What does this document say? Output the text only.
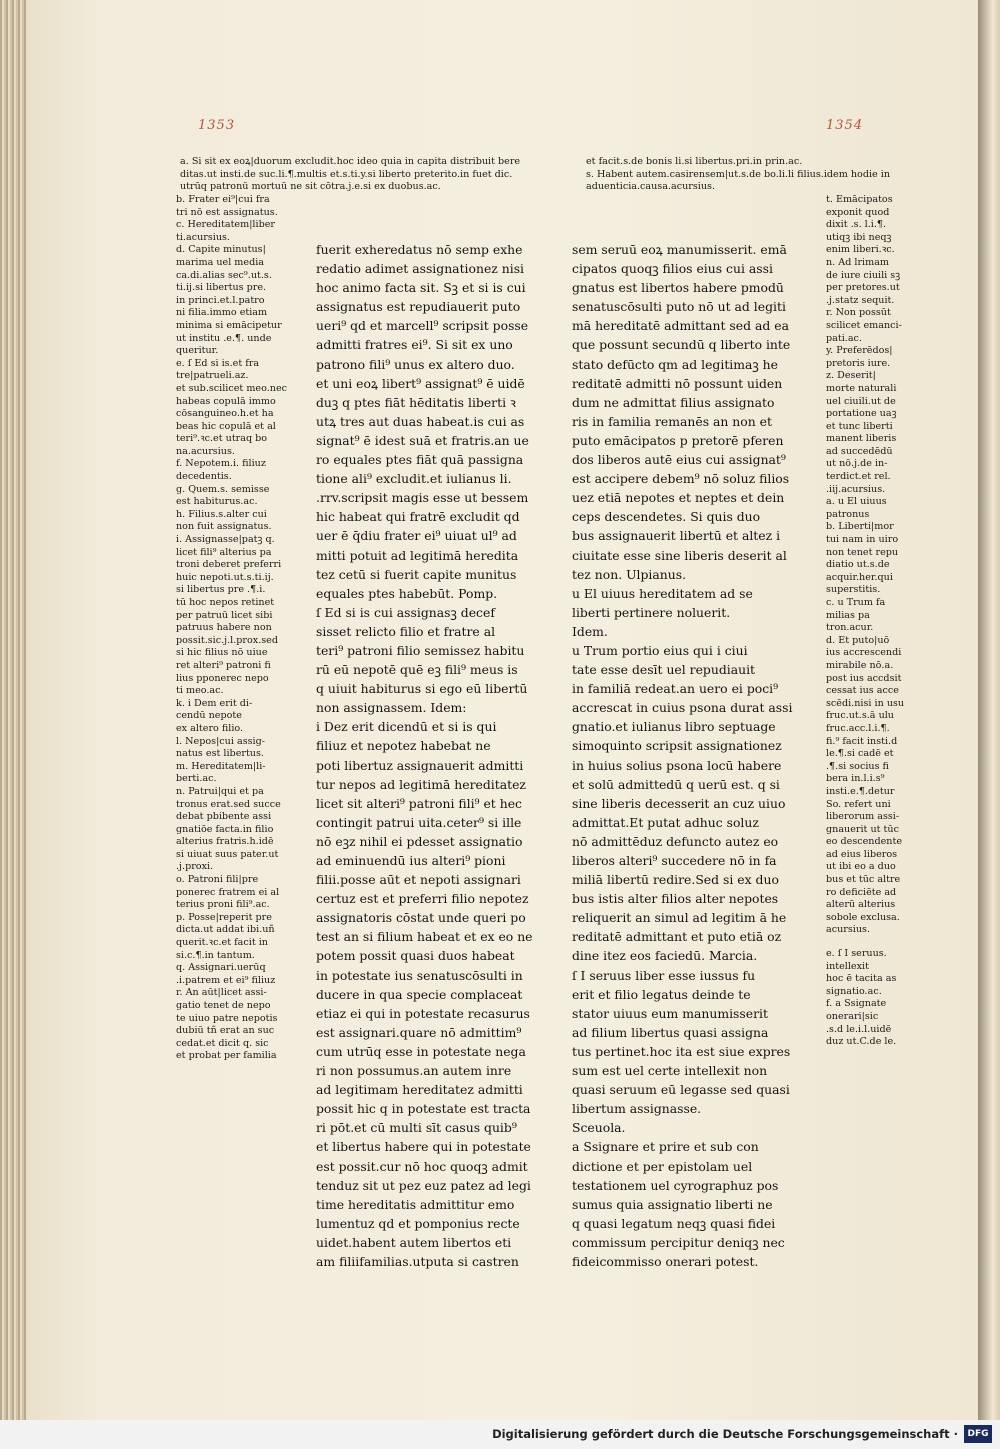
1353	1354
a. Si sit ex eoꝝ|duorum excludit.hoc ideo quia in capita distribuit bere
ditas.ut insti.de suc.li.¶.multis et.s.ti.y.si liberto preterito.in fuet dic.
utrūq patronū mortuū ne sit cōtra.j.e.si ex duobus.ac.
et facit.s.de bonis li.si libertus.pri.in prin.ac.
s. Habent autem.casirensem|ut.s.de bo.li.li filius.idem hodie in
aduenticia.causa.acursius.
b. Frater ei⁹|cui fra
tri nō est assignatus.
c. Hereditatem|liber
ti.acursius.
d. Capite minutus|
marima uel media
ca.di.alias sec⁹.ut.s.
ti.ij.si libertus pre.
in princi.et.l.patro
ni filia.immo etiam
minima si emācipetur
ut institu .e.¶. unde
queritur.
e. ſ Ed si is.et fra
tre|patrueli.az.
et sub.scilicet meo.nec
habeas copulā immo
cōsanguineo.h.et ha
beas hic copulā et al
teri⁹.ꝛc.et utraq bo
na.acursius.
f. Nepotem.i. filiuz
decedentis.
g. Quem.s. semisse
est habiturus.ac.
h. Filius.s.alter cui
non fuit assignatus.
i. Assignasse|patꝫ q.
licet fili⁹ alterius pa
troni deberet preferri
huic nepoti.ut.s.ti.ij.
si libertus pre .¶.i.
tū hoc nepos retinet
per patruū licet sibi
patruus habere non
possit.sic.j.l.prox.sed
si hic filius nō uiue
ret alteri⁹ patroni fi
lius pponerec nepo
ti meo.ac.
k. i Dem erit di-
cendū nepote
ex altero filio.
l. Nepos|cui assig-
natus est libertus.
m. Hereditatem|li-
berti.ac.
n. Patrui|qui et pa
tronus erat.sed succe
debat pbibente assi
gnatiōe facta.in filio
alterius fratris.h.idē
si uiuat suus pater.ut
.j.proxi.
o. Patroni fili|pre
ponerec fratrem ei al
terius proni fili⁹.ac.
p. Posse|reperit pre
dicta.ut addat ibi.uñ
querit.ꝛc.et facit in
si.c.¶.in tantum.
q. Assignari.uerūq
.i.patrem et ei⁹ filiuz
r. An aūt|licet assi-
gatio tenet de nepo
te uiuo patre nepotis
dubiū tñ erat an suc
cedat.et dicit q. sic
et probat per familia
fuerit exheredatus nō semp exhe
redatio adimet assignationez nisi
hoc animo facta sit. Sꝫ et si is cui
assignatus est repudiauerit puto
ueri⁹ qd et marcell⁹ scripsit posse
admitti fratres ei⁹. Si sit ex uno
patrono fili⁹ unus ex altero duo.
et uni eoꝝ libert⁹ assignat⁹ ē uidē
duꝫ q ptes fiāt hēditatis liberti ꝛ
utꝝ tres aut duas habeat.is cui as
signat⁹ ē idest suā et fratris.an ue
ro equales ptes fiāt quā passigna
tione ali⁹ excludit.et iulianus li.
.rrv.scripsit magis esse ut bessem
hic habeat qui fratrē excludit qd
uer ē q̄diu frater ei⁹ uiuat ul⁹ ad
mitti potuit ad legitimā heredita
tez cetū si fuerit capite munitus
equales ptes habebūt. Pomp.
ſ Ed si is cui assignasꝫ decef
sisset relicto filio et fratre al
teri⁹ patroni filio semissez habitu
rū eū nepotē quē eꝫ fili⁹ meus is
q uiuit habiturus si ego eū libertū
non assignassem. Idem:
i Dez erit dicendū et si is qui
filiuz et nepotez habebat ne
poti libertuz assignauerit admitti
tur nepos ad legitimā hereditatez
licet sit alteri⁹ patroni fili⁹ et hec
contingit patrui uita.ceter⁹ si ille
nō eꝫz nihil ei pdesset assignatio
ad eminuendū ius alteri⁹ pioni
filii.posse aūt et nepoti assignari
certuz est et preferri filio nepotez
assignatoris cōstat unde queri po
test an si filium habeat et ex eo ne
potem possit quasi duos habeat
in potestate ius senatuscōsulti in
ducere in qua specie complaceat
etiaz ei qui in potestate recasurus
est assignari.quare nō admittim⁹
cum utrūq esse in potestate nega
ri non possumus.an autem inre
ad legitimam hereditatez admitti
possit hic q in potestate est tracta
ri pōt.et cū multi sīt casus quib⁹
et libertus habere qui in potestate
est possit.cur nō hoc quoqꝫ admit
tenduz sit ut pez euz patez ad legi
time hereditatis admittitur emo
lumentuz qd et pomponius recte
uidet.habent autem libertos eti
am filiifamilias.utputa si castren
sem seruū eoꝝ manumisserit. emā
cipatos quoqꝫ filios eius cui assi
gnatus est libertos habere pmodū
senatuscōsulti puto nō ut ad legiti
mā hereditatē admittant sed ad ea
que possunt secundū q liberto inte
stato defūcto qm ad legitimaꝫ he
reditatē admitti nō possunt uiden
dum ne admittat filius assignato
ris in familia remanēs an non et
puto emācipatos p pretorē pferen
dos liberos autē eius cui assignat⁹
est accipere debem⁹ nō soluz filios
uez etiā nepotes et neptes et dein
ceps descendetes. Si quis duo
bus assignauerit libertū et altez i
ciuitate esse sine liberis deserit al
tez non. Ulpianus.
u El uiuus hereditatem ad se
liberti pertinere noluerit.
Idem.
u Trum portio eius qui i ciui
tate esse desīt uel repudiauit
in familiā redeat.an uero ei poci⁹
accrescat in cuius psona durat assi
gnatio.et iulianus libro septuage
simoquinto scripsit assignationez
in huius solius psona locū habere
et solū admittedū q uerū est. q si
sine liberis decesserit an cuz uiuo
admittat.Et putat adhuc soluz
nō admittēduz defuncto autez eo
liberos alteri⁹ succedere nō in fa
miliā libertū redire.Sed si ex duo
bus istis alter filios alter nepotes
reliquerit an simul ad legitim ā he
reditatē admittant et puto etiā oz
dine itez eos faciedū. Marcia.
ſ I seruus liber esse iussus fu
erit et filio legatus deinde te
stator uiuus eum manumisserit
ad filium libertus quasi assigna
tus pertinet.hoc ita est siue expres
sum est uel certe intellexit non
quasi seruum eū legasse sed quasi
libertum assignasse.
Sceuola.
a Ssignare et prire et sub con
dictione et per epistolam uel
testationem uel cyrographuz pos
sumus quia assignatio liberti ne
q quasi legatum neqꝫ quasi fidei
commissum percipitur deniqꝫ nec
fideicommisso onerari potest.
t. Emācipatos
exponit quod
dixit .s. l.i.¶.
utiqꝫ ibi neqꝫ
enim liberi.ꝛc.
n. Ad lrimam
de iure ciuili sꝫ
per pretores.ut
.j.statz sequit.
r. Non possūt
scilicet emanci-
pati.ac.
y. Preferēdos|
pretoris iure.
z. Deserit|
morte naturali
uel ciuili.ut de
portatione uaꝫ
et tunc liberti
manent liberis
ad succedēdū
ut nō.j.de in-
terdict.et rel.
.iij.acursius.
a. u El uiuus
patronus
b. Liberti|mor
tui nam in uiro
non tenet repu
diatio ut.s.de
acquir.her.qui
superstitis.
c. u Trum fa
milias pa
tron.acur.
d. Et puto|uō
ius accrescendi
mirabile nō.a.
post ius accdsit
cessat ius acce
scēdi.nisi in usu
fruc.ut.s.ā ulu
fruc.acc.l.i.¶.
fi.⁹ facit insti.d
le.¶.si cadē et
.¶.si socius fi
bera in.l.i.s⁹
insti.e.¶.detur
So. refert uni
liberorum assi-
gnauerit ut tūc
eo descendente
ad eius liberos
ut ibi eo a duo
bus et tūc altre
ro deficiēte ad
alterū alterius
sobole exclusa.
acursius.
e. ſ I seruus.
intellexit
hoc ē tacita as
signatio.ac.
f. a Ssignate
onerari|sic
.s.d le.i.l.uidē
duz ut.C.de le.
Digitalisierung gefördert durch die Deutsche Forschungsgemeinschaft ·	DFG
